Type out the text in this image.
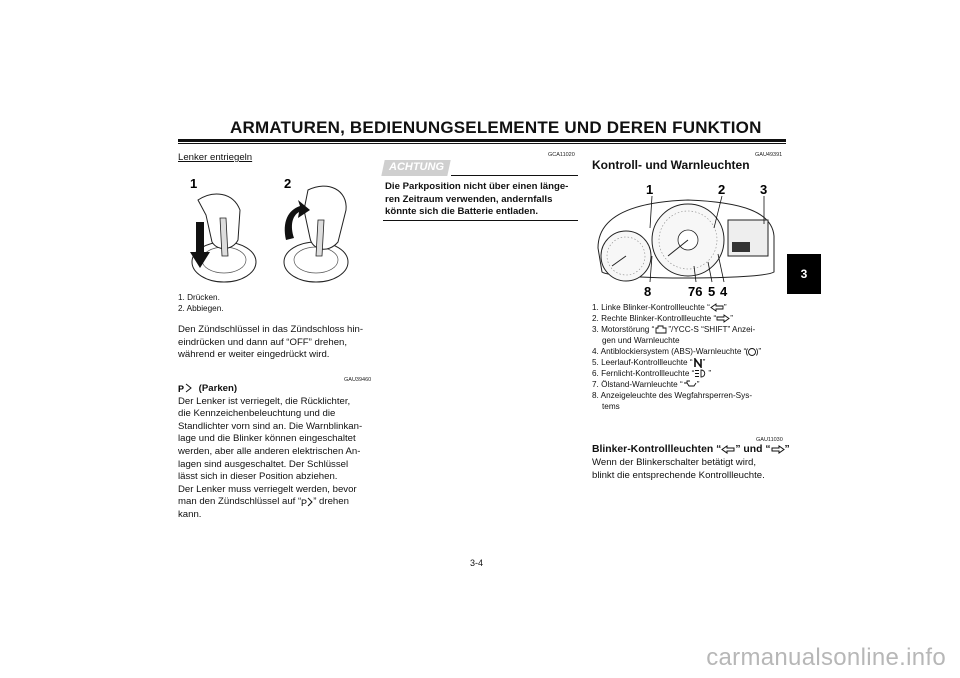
ARMATUREN, BEDIENUNGSELEMENTE UND DEREN FUNKTION
3
Lenker entriegeln
1	2
1. Drücken.
2. Abbiegen.
Den Zündschlüssel in das Zündschloss hin-
eindrücken und dann auf “OFF” drehen,
während er weiter eingedrückt wird.
GAU39460
P (Parken)
Der Lenker ist verriegelt, die Rücklichter,
die Kennzeichenbeleuchtung und die
Standlichter vorn sind an. Die Warnblinkan-
lage und die Blinker können eingeschaltet
werden, aber alle anderen elektrischen An-
lagen sind ausgeschaltet. Der Schlüssel
lässt sich in dieser Position abziehen.
Der Lenker muss verriegelt werden, bevor
man den Zündschlüssel auf “ P ” drehen
kann.
GCA11020
ACHTUNG
Die Parkposition nicht über einen länge-
ren Zeitraum verwenden, andernfalls
könnte sich die Batterie entladen.
GAU49391
Kontroll- und Warnleuchten
1	2	3
8	76 5 4
1. Linke Blinker-Kontrollleuchte “ ”
2. Rechte Blinker-Kontrollleuchte “ ”
3. Motorstörung “ ”/YCC-S “SHIFT” Anzei-
gen und Warnleuchte
4. Antiblockiersystem (ABS)-Warnleuchte “ ”
5. Leerlauf-Kontrollleuchte “ ”
6. Fernlicht-Kontrollleuchte “ ”
7. Ölstand-Warnleuchte “ ”
8. Anzeigeleuchte des Wegfahrsperren-Sys-
tems
GAU11030
Blinker-Kontrollleuchten “ ” und “ ”
Wenn der Blinkerschalter betätigt wird,
blinkt die entsprechende Kontrollleuchte.
3-4
carmanualsonline.info
